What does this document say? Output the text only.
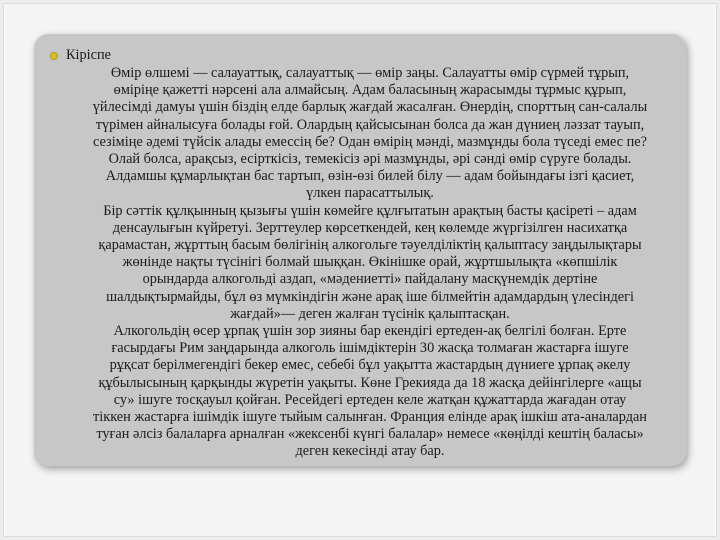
Кіріспе

Өмір өлшемі — салауаттық, салауаттық — өмір заңы. Салауатты өмір сүрмей тұрып,
өміріңе қажетті нәрсені ала алмайсың. Адам баласының жарасымды тұрмыс құрып,
үйлесімді дамуы үшін біздің елде барлық жағдай жасалған. Өнердің, спорттың сан-салалы
түрімен айналысуға болады ғой. Олардың қайсысынан болса да жан дүниең ләззат тауып,
сезіміңе әдемі түйсік алады емессің бе? Одан өмірің мәнді, мазмұнды бола түседі емес пе?
Олай болса, арақсыз, есірткісіз, темекісіз әрі мазмұнды, әрі сәнді өмір сүруге болады.
Алдамшы құмарлықтан бас тартып, өзін-өзі билей білу — адам бойындағы ізгі қасиет,
үлкен парасаттылық.

Бір сәттік құлқынның қызығы үшін көмейге құлғытатын арақтың басты қасіреті – адам
денсаулығын күйретуі. Зерттеулер көрсеткендей, кең көлемде жүргізілген насихатқа
қарамастан, жұрттың басым бөлігінің алкогольге тәуелділіктің қалыптасу заңдылықтары
жөнінде нақты түсінігі болмай шыққан. Өкінішке орай, жұртшылықта «көпшілік
орындарда алкогольді аздап, «мәдениетті» пайдалану масқүнемдік дертіне
шалдықтырмайды, бұл өз мүмкіндігін және арақ ішe білмейтін адамдардың үлесіндегі
жағдай»— деген жалған түсінік қалыптасқан.

Алкогольдің өсер ұрпақ үшін зор зияны бар екендігі ертеден-ақ белгілі болған. Ерте
ғасырдағы Рим заңдарында алкоголь ішімдіктерін 30 жасқа толмаған жастарға ішуге
рұқсат берілмегендігі бекер емес, себебі бұл уақытта жастардың дүниеге ұрпақ әкелу
құбылысының қарқынды жүретін уақыты. Көне Грекияда да 18 жасқа дейінгілерге «ащы
су» ішуге тосқауыл қойған. Ресейдегі ертеден келе жатқан құжаттарда жағадан отау
тіккен жастарға ішімдік ішуге тыйым салынған. Франция елінде арақ ішкіш ата-аналардан
туған әлсіз балаларға арналған «жексенбі күнгі балалар» немесе «көңілді кештің баласы»
деген кекесінді атау бар.
